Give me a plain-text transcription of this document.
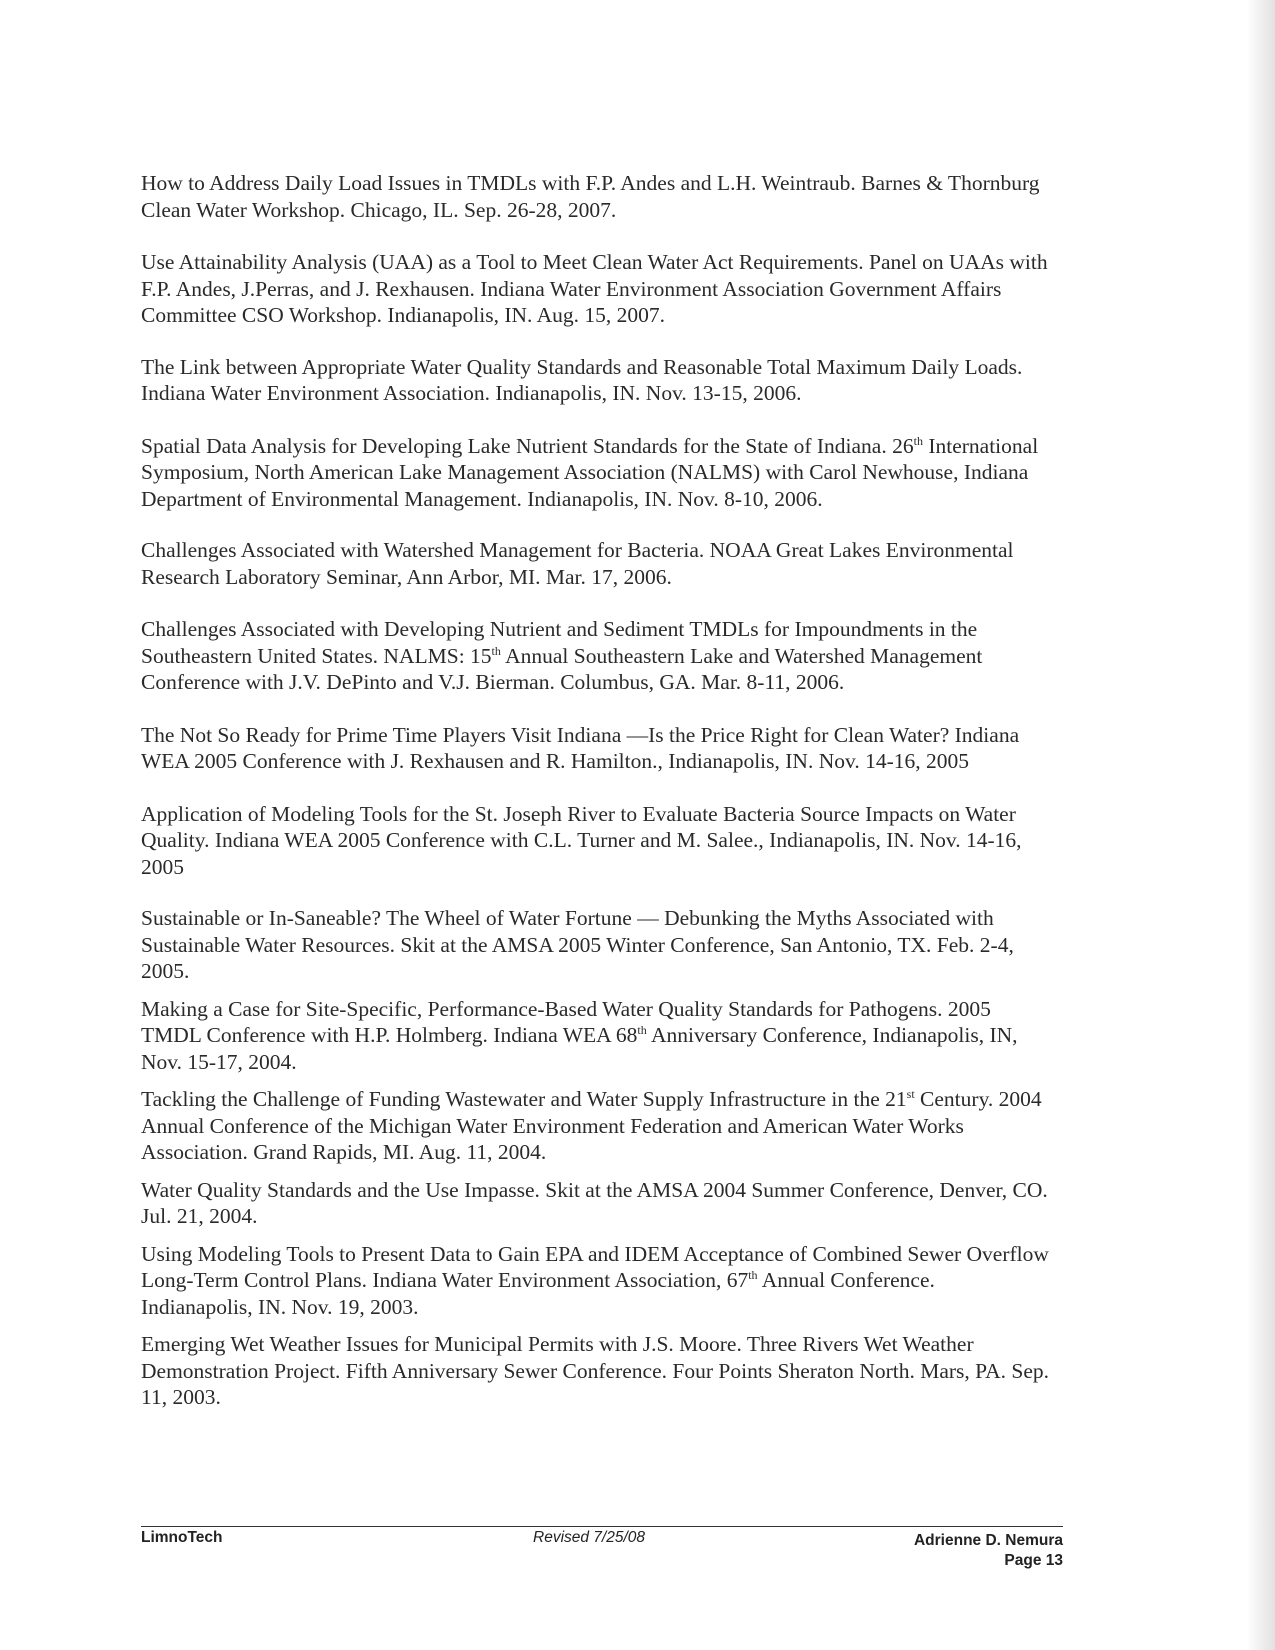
How to Address Daily Load Issues in TMDLs with F.P. Andes and L.H. Weintraub. Barnes & Thornburg
Clean Water Workshop. Chicago, IL. Sep. 26-28, 2007.

Use Attainability Analysis (UAA) as a Tool to Meet Clean Water Act Requirements. Panel on UAAs with
F.P. Andes, J.Perras, and J. Rexhausen. Indiana Water Environment Association Government Affairs
Committee CSO Workshop. Indianapolis, IN. Aug. 15, 2007.

The Link between Appropriate Water Quality Standards and Reasonable Total Maximum Daily Loads.
Indiana Water Environment Association. Indianapolis, IN. Nov. 13-15, 2006.

Spatial Data Analysis for Developing Lake Nutrient Standards for the State of Indiana. 26th International
Symposium, North American Lake Management Association (NALMS) with Carol Newhouse, Indiana
Department of Environmental Management. Indianapolis, IN. Nov. 8-10, 2006.

Challenges Associated with Watershed Management for Bacteria. NOAA Great Lakes Environmental
Research Laboratory Seminar, Ann Arbor, MI. Mar. 17, 2006.

Challenges Associated with Developing Nutrient and Sediment TMDLs for Impoundments in the
Southeastern United States. NALMS: 15th Annual Southeastern Lake and Watershed Management
Conference with J.V. DePinto and V.J. Bierman. Columbus, GA. Mar. 8-11, 2006.

The Not So Ready for Prime Time Players Visit Indiana —Is the Price Right for Clean Water? Indiana
WEA 2005 Conference with J. Rexhausen and R. Hamilton., Indianapolis, IN. Nov. 14-16, 2005

Application of Modeling Tools for the St. Joseph River to Evaluate Bacteria Source Impacts on Water
Quality. Indiana WEA 2005 Conference with C.L. Turner and M. Salee., Indianapolis, IN. Nov. 14-16,
2005

Sustainable or In-Saneable? The Wheel of Water Fortune — Debunking the Myths Associated with
Sustainable Water Resources. Skit at the AMSA 2005 Winter Conference, San Antonio, TX. Feb. 2-4,
2005.

Making a Case for Site-Specific, Performance-Based Water Quality Standards for Pathogens. 2005
TMDL Conference with H.P. Holmberg. Indiana WEA 68th Anniversary Conference, Indianapolis, IN,
Nov. 15-17, 2004.

Tackling the Challenge of Funding Wastewater and Water Supply Infrastructure in the 21st Century. 2004
Annual Conference of the Michigan Water Environment Federation and American Water Works
Association. Grand Rapids, MI. Aug. 11, 2004.

Water Quality Standards and the Use Impasse. Skit at the AMSA 2004 Summer Conference, Denver, CO.
Jul. 21, 2004.

Using Modeling Tools to Present Data to Gain EPA and IDEM Acceptance of Combined Sewer Overflow
Long-Term Control Plans. Indiana Water Environment Association, 67th Annual Conference.
Indianapolis, IN. Nov. 19, 2003.

Emerging Wet Weather Issues for Municipal Permits with J.S. Moore. Three Rivers Wet Weather
Demonstration Project. Fifth Anniversary Sewer Conference. Four Points Sheraton North. Mars, PA. Sep.
11, 2003.

LimnoTech	Revised 7/25/08	Adrienne D. Nemura
Page 13
